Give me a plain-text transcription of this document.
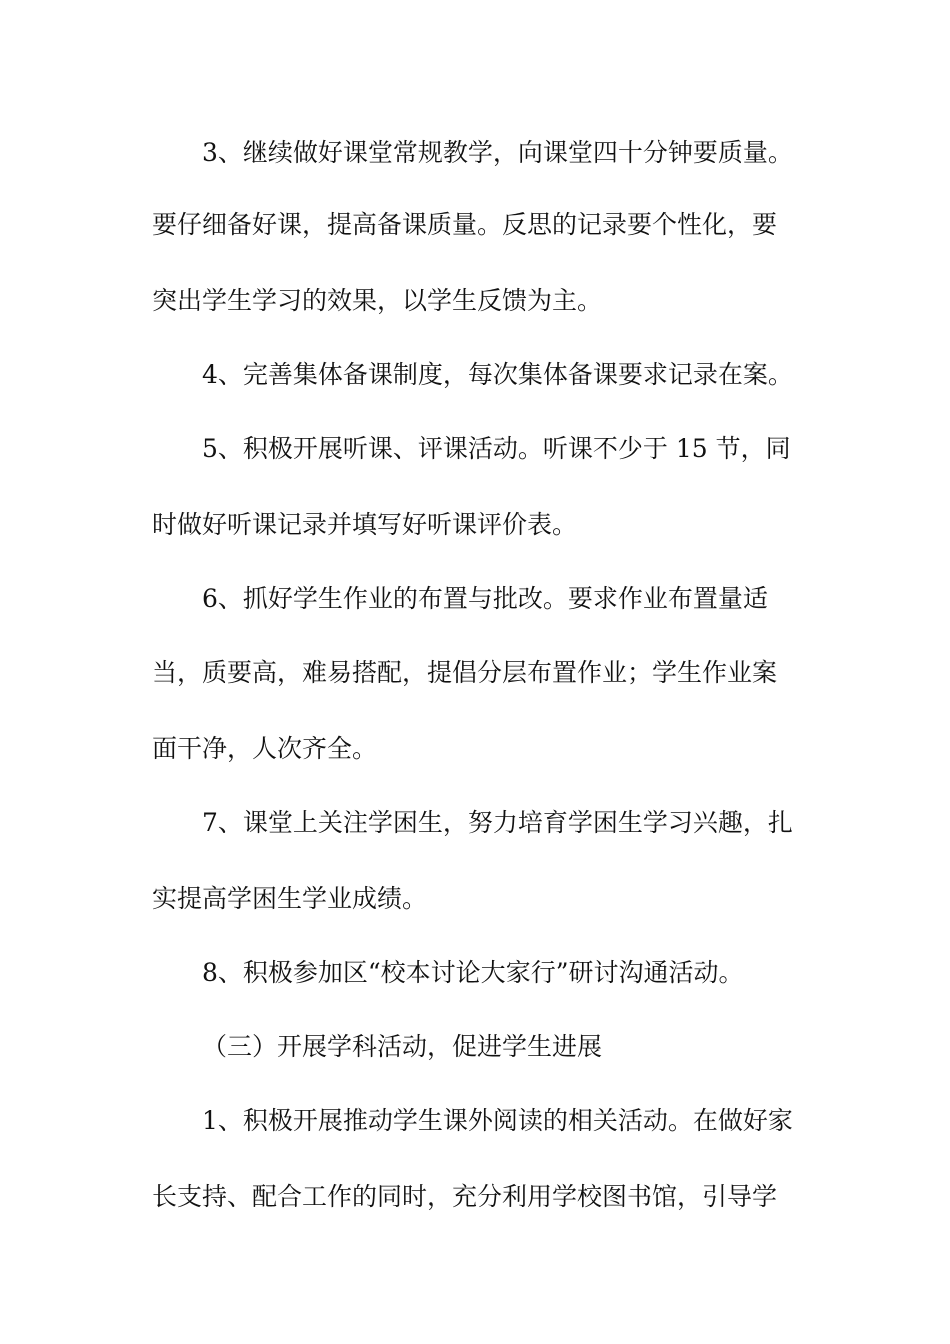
3、继续做好课堂常规教学，向课堂四十分钟要质量。
要仔细备好课，提高备课质量。反思的记录要个性化，要
突出学生学习的效果，以学生反馈为主。
4、完善集体备课制度，每次集体备课要求记录在案。
5、积极开展听课、评课活动。听课不少于 15 节，同
时做好听课记录并填写好听课评价表。
6、抓好学生作业的布置与批改。要求作业布置量适
当，质要高，难易搭配，提倡分层布置作业；学生作业案
面干净，人次齐全。
7、课堂上关注学困生，努力培育学困生学习兴趣，扎
实提高学困生学业成绩。
8、积极参加区“校本讨论大家行”研讨沟通活动。
（三）开展学科活动，促进学生进展
1、积极开展推动学生课外阅读的相关活动。在做好家
长支持、配合工作的同时，充分利用学校图书馆，引导学
